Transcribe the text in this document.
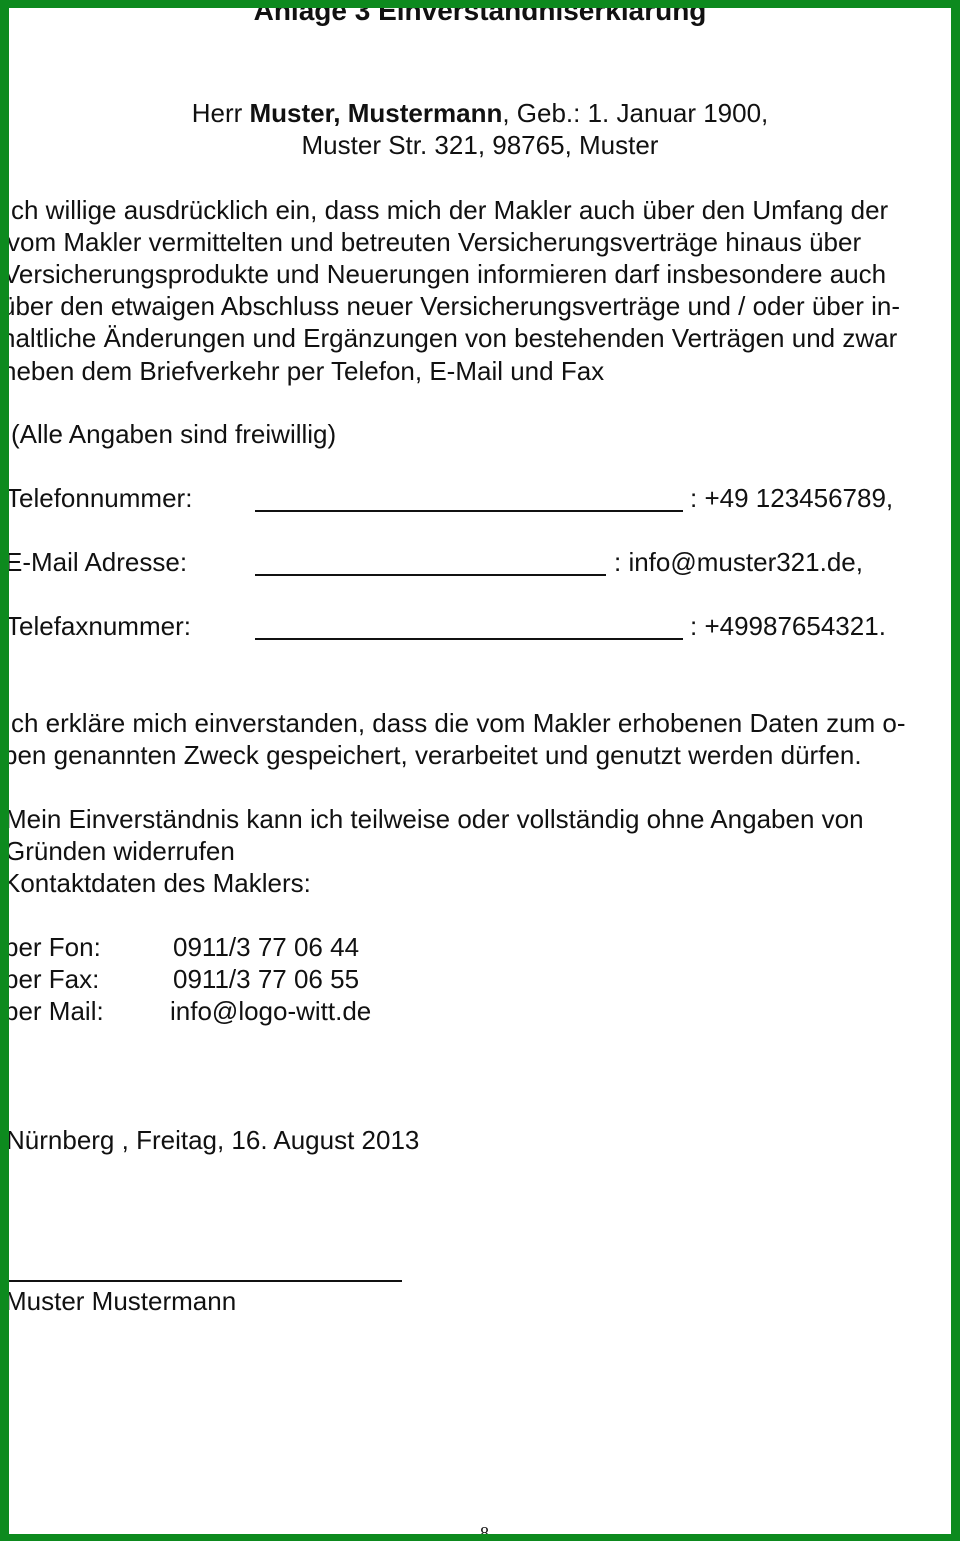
Anlage 3 Einverständniserklärung
Herr Muster, Mustermann, Geb.: 1. Januar 1900,
Muster Str. 321, 98765, Muster
ch willige ausdrücklich ein, dass mich der Makler auch über den Umfang der
vom Makler vermittelten und betreuten Versicherungsverträge hinaus über
Versicherungsprodukte und Neuerungen informieren darf insbesondere auch
über den etwaigen Abschluss neuer Versicherungsverträge und / oder über in-
haltliche Änderungen und Ergänzungen von bestehenden Verträgen und zwar
neben dem Briefverkehr per Telefon, E-Mail und Fax
(Alle Angaben sind freiwillig)
Telefonnummer:	: +49 123456789,
E-Mail Adresse:	: info@muster321.de,
Telefaxnummer:	: +49987654321.
ch erkläre mich einverstanden, dass die vom Makler erhobenen Daten zum o-
ben genannten Zweck gespeichert, verarbeitet und genutzt werden dürfen.
Mein Einverständnis kann ich teilweise oder vollständig ohne Angaben von
Gründen widerrufen
Kontaktdaten des Maklers:
per Fon:	0911/3 77 06 44
per Fax:	0911/3 77 06 55
per Mail:	info@logo-witt.de
Nürnberg , Freitag, 16. August 2013
Muster Mustermann
8
